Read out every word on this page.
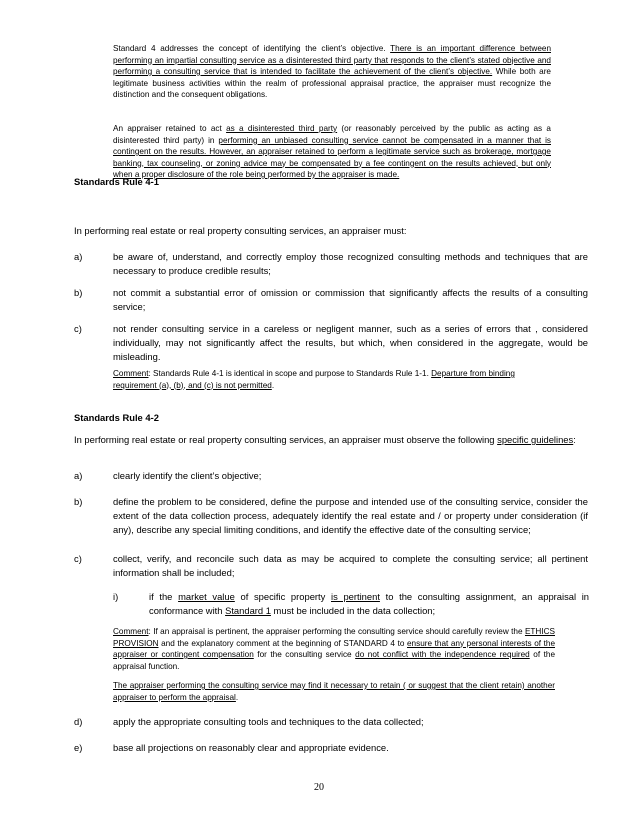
Standard 4 addresses the concept of identifying the client’s objective. There is an important difference between performing an impartial consulting service as a disinterested third party that responds to the client’s stated objective and performing a consulting service that is intended to facilitate the achievement of the client’s objective. While both are legitimate business activities within the realm of professional appraisal practice, the appraiser must recognize the distinction and the consequent obligations.

An appraiser retained to act as a disinterested third party (or reasonably perceived by the public as acting as a disinterested third party) in performing an unbiased consulting service cannot be compensated in a manner that is contingent on the results. However, an appraiser retained to perform a legitimate service such as brokerage, mortgage banking, tax counseling, or zoning advice may be compensated by a fee contingent on the results achieved, but only when a proper disclosure of the role being performed by the appraiser is made.

Standards Rule 4-1
In performing real estate or real property consulting services, an appraiser must:
a)	be aware of, understand, and correctly employ those recognized consulting methods and techniques that are necessary to produce credible results;
b)	not commit a substantial error of omission or commission that significantly affects the results of a consulting service;
c)	not render consulting service in a careless or negligent manner, such as a series of errors that , considered individually, may not significantly affect the results, but which, when considered in the aggregate, would be misleading.

Comment: Standards Rule 4-1 is identical in scope and purpose to Standards Rule 1-1. Departure from binding requirement (a), (b), and (c) is not permitted.

Standards Rule 4-2

In performing real estate or real property consulting services, an appraiser must observe the following specific guidelines:

a)	clearly identify the client’s objective;
b)	define the problem to be considered, define the purpose and intended use of the consulting service, consider the extent of the data collection process, adequately identify the real estate and / or property under consideration (if any), describe any special limiting conditions, and identify the effective date of the consulting service;
c)	collect, verify, and reconcile such data as may be acquired to complete the consulting service; all pertinent information shall be included;
i)	if the market value of specific property is pertinent to the consulting assignment, an appraisal in conformance with Standard 1 must be included in the data collection;

Comment: If an appraisal is pertinent, the appraiser performing the consulting service should carefully review the ETHICS PROVISION and the explanatory comment at the beginning of STANDARD 4 to ensure that any personal interests of the appraiser or contingent compensation for the consulting service do not conflict with the independence required of the appraisal function.

The appraiser performing the consulting service may find it necessary to retain ( or suggest that the client retain) another appraiser to perform the appraisal.

d)	apply the appropriate consulting tools and techniques to the data collected;
e)	base all projections on reasonably clear and appropriate evidence.
20
